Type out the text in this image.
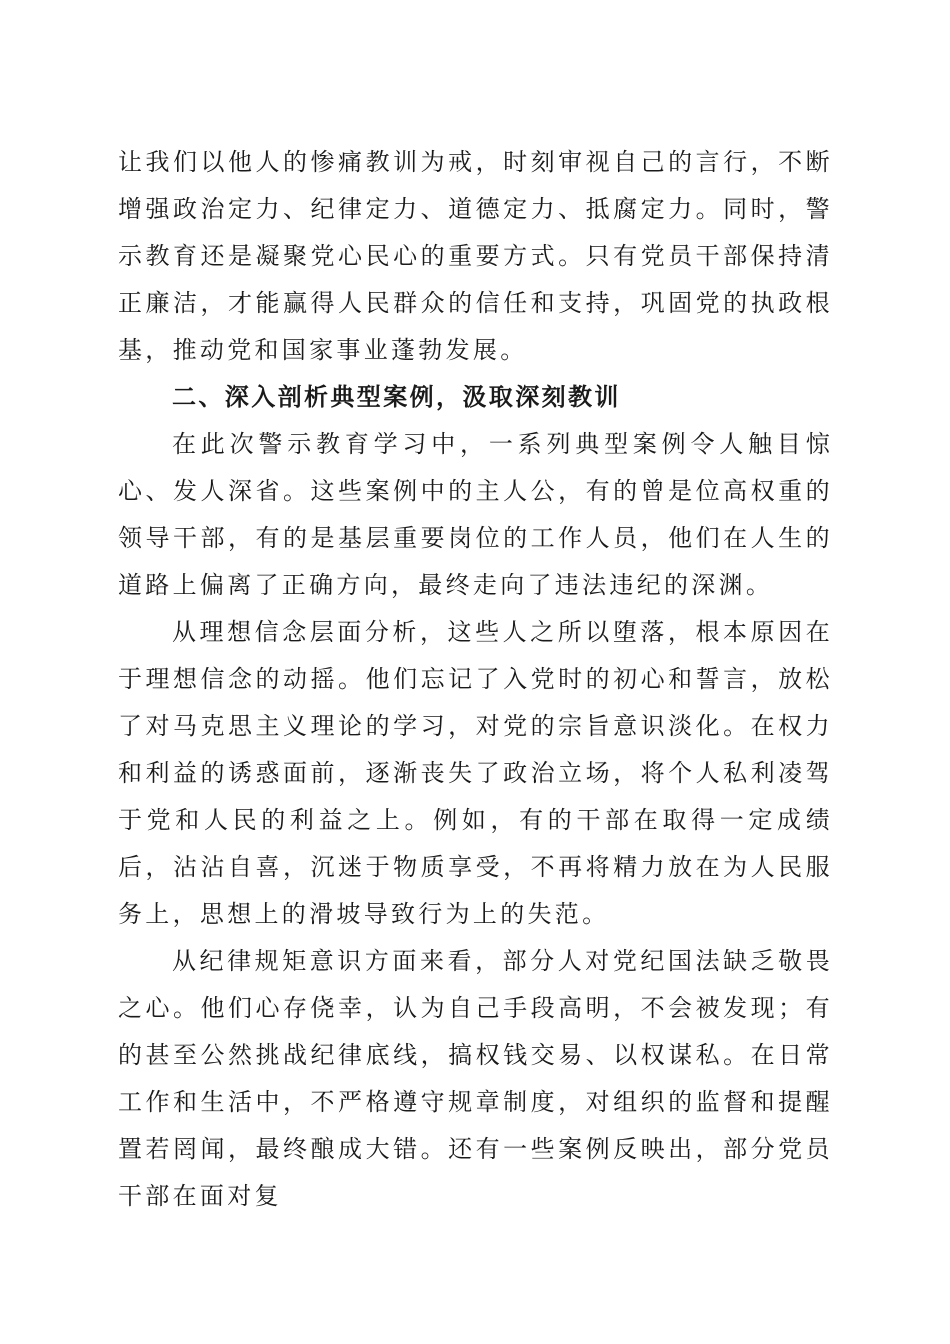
让我们以他人的惨痛教训为戒，时刻审视自己的言行，不断增强政治定力、纪律定力、道德定力、抵腐定力。同时，警示教育还是凝聚党心民心的重要方式。只有党员干部保持清正廉洁，才能赢得人民群众的信任和支持，巩固党的执政根基，推动党和国家事业蓬勃发展。

二、深入剖析典型案例，汲取深刻教训

在此次警示教育学习中，一系列典型案例令人触目惊心、发人深省。这些案例中的主人公，有的曾是位高权重的领导干部，有的是基层重要岗位的工作人员，他们在人生的道路上偏离了正确方向，最终走向了违法违纪的深渊。

从理想信念层面分析，这些人之所以堕落，根本原因在于理想信念的动摇。他们忘记了入党时的初心和誓言，放松了对马克思主义理论的学习，对党的宗旨意识淡化。在权力和利益的诱惑面前，逐渐丧失了政治立场，将个人私利凌驾于党和人民的利益之上。例如，有的干部在取得一定成绩后，沾沾自喜，沉迷于物质享受，不再将精力放在为人民服务上，思想上的滑坡导致行为上的失范。

从纪律规矩意识方面来看，部分人对党纪国法缺乏敬畏之心。他们心存侥幸，认为自己手段高明，不会被发现；有的甚至公然挑战纪律底线，搞权钱交易、以权谋私。在日常工作和生活中，不严格遵守规章制度，对组织的监督和提醒置若罔闻，最终酿成大错。还有一些案例反映出，部分党员干部在面对复
